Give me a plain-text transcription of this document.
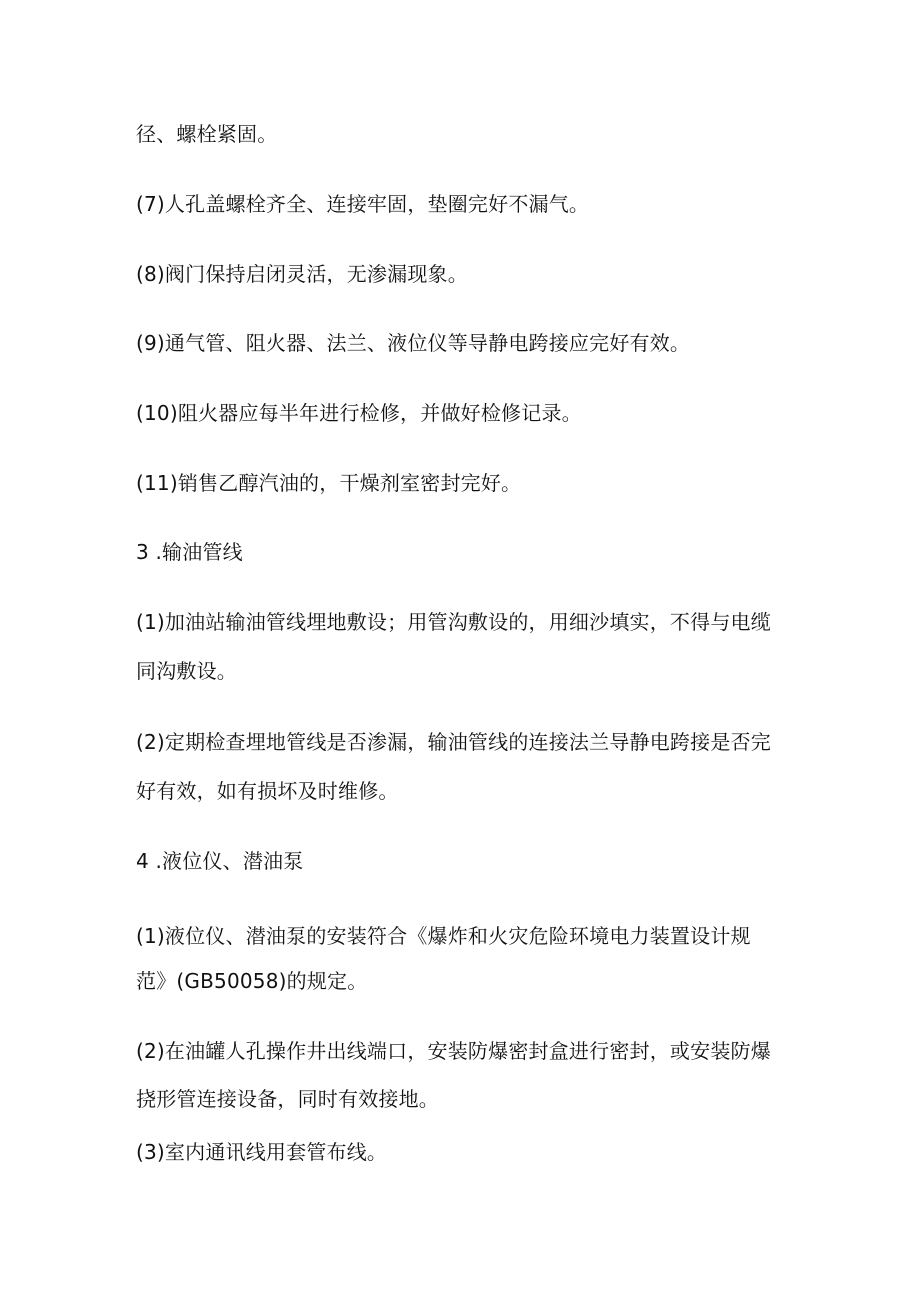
径、螺栓紧固。
(7)人孔盖螺栓齐全、连接牢固，垫圈完好不漏气。
(8)阀门保持启闭灵活，无渗漏现象。
(9)通气管、阻火器、法兰、液位仪等导静电跨接应完好有效。
(10)阻火器应每半年进行检修，并做好检修记录。
(11)销售乙醇汽油的，干燥剂室密封完好。
3 .输油管线
(1)加油站输油管线埋地敷设；用管沟敷设的，用细沙填实，不得与电缆
同沟敷设。
(2)定期检查埋地管线是否渗漏，输油管线的连接法兰导静电跨接是否完
好有效，如有损坏及时维修。
4 .液位仪、潜油泵
(1)液位仪、潜油泵的安装符合《爆炸和火灾危险环境电力装置设计规
范》(GB50058)的规定。
(2)在油罐人孔操作井出线端口，安装防爆密封盒进行密封，或安装防爆
挠形管连接设备，同时有效接地。
(3)室内通讯线用套管布线。
